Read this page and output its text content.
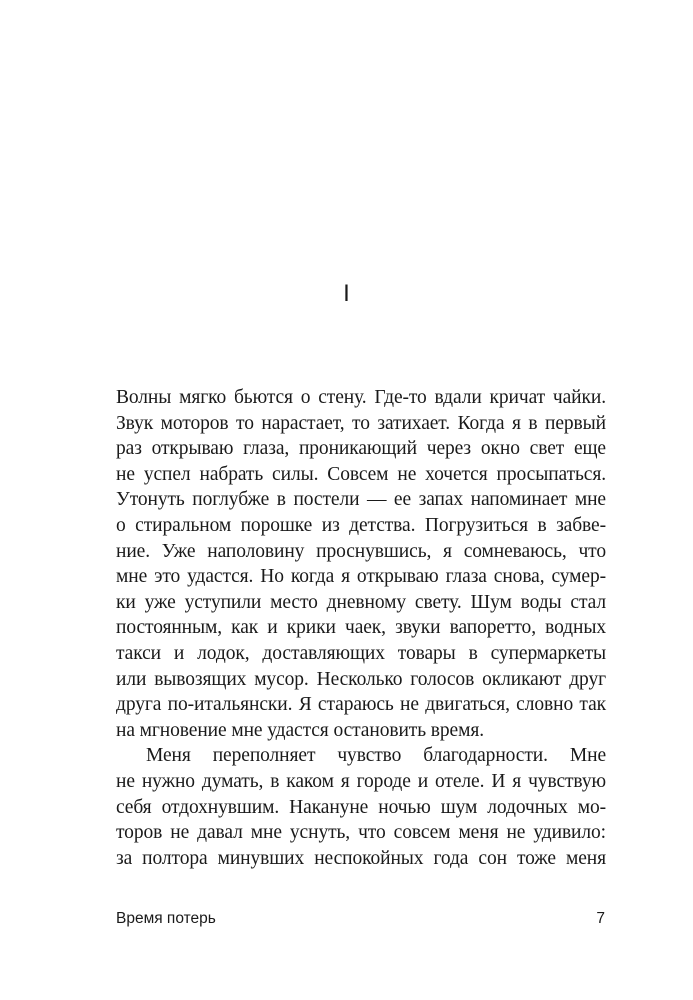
I
Волны мягко бьются о стену. Где-то вдали кричат чайки.
Звук моторов то нарастает, то затихает. Когда я в первый
раз открываю глаза, проникающий через окно свет еще
не успел набрать силы. Совсем не хочется просыпаться.
Утонуть поглубже в постели — ее запах напоминает мне
о стиральном порошке из детства. Погрузиться в забве-
ние. Уже наполовину проснувшись, я сомневаюсь, что
мне это удастся. Но когда я открываю глаза снова, сумер-
ки уже уступили место дневному свету. Шум воды стал
постоянным, как и крики чаек, звуки вапоретто, водных
такси и лодок, доставляющих товары в супермаркеты
или вывозящих мусор. Несколько голосов окликают друг
друга по-итальянски. Я стараюсь не двигаться, словно так
на мгновение мне удастся остановить время.
Меня переполняет чувство благодарности. Мне
не нужно думать, в каком я городе и отеле. И я чувствую
себя отдохнувшим. Накануне ночью шум лодочных мо-
торов не давал мне уснуть, что совсем меня не удивило:
за полтора минувших неспокойных года сон тоже меня
Время потерь	7
